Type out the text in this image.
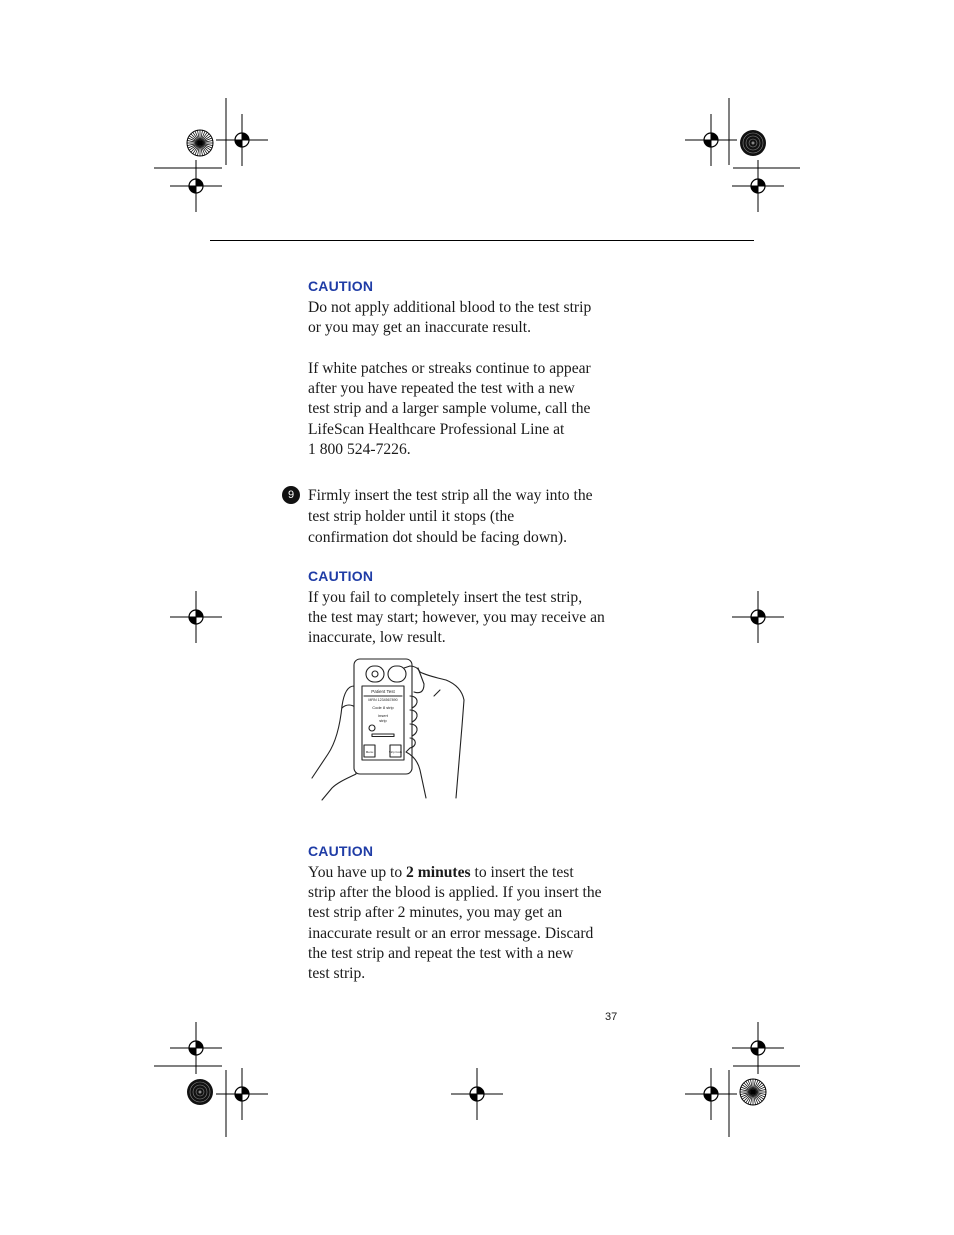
CAUTION
Do not apply additional blood to the test strip
or you may get an inaccurate result.
If white patches or streaks continue to appear
after you have repeated the test with a new
test strip and a larger sample volume, call the
LifeScan Healthcare Professional Line at
1 800 524-7226.
9 Firmly insert the test strip all the way into the
test strip holder until it stops (the
confirmation dot should be facing down).
CAUTION
If you fail to completely insert the test strip,
the test may start; however, you may receive an
inaccurate, low result.
Patient Test
MRN 1234567890
Code 8 strip
insert
strip
Menu	Strip Code
CAUTION
You have up to 2 minutes to insert the test
strip after the blood is applied. If you insert the
test strip after 2 minutes, you may get an
inaccurate result or an error message. Discard
the test strip and repeat the test with a new
test strip.
37
